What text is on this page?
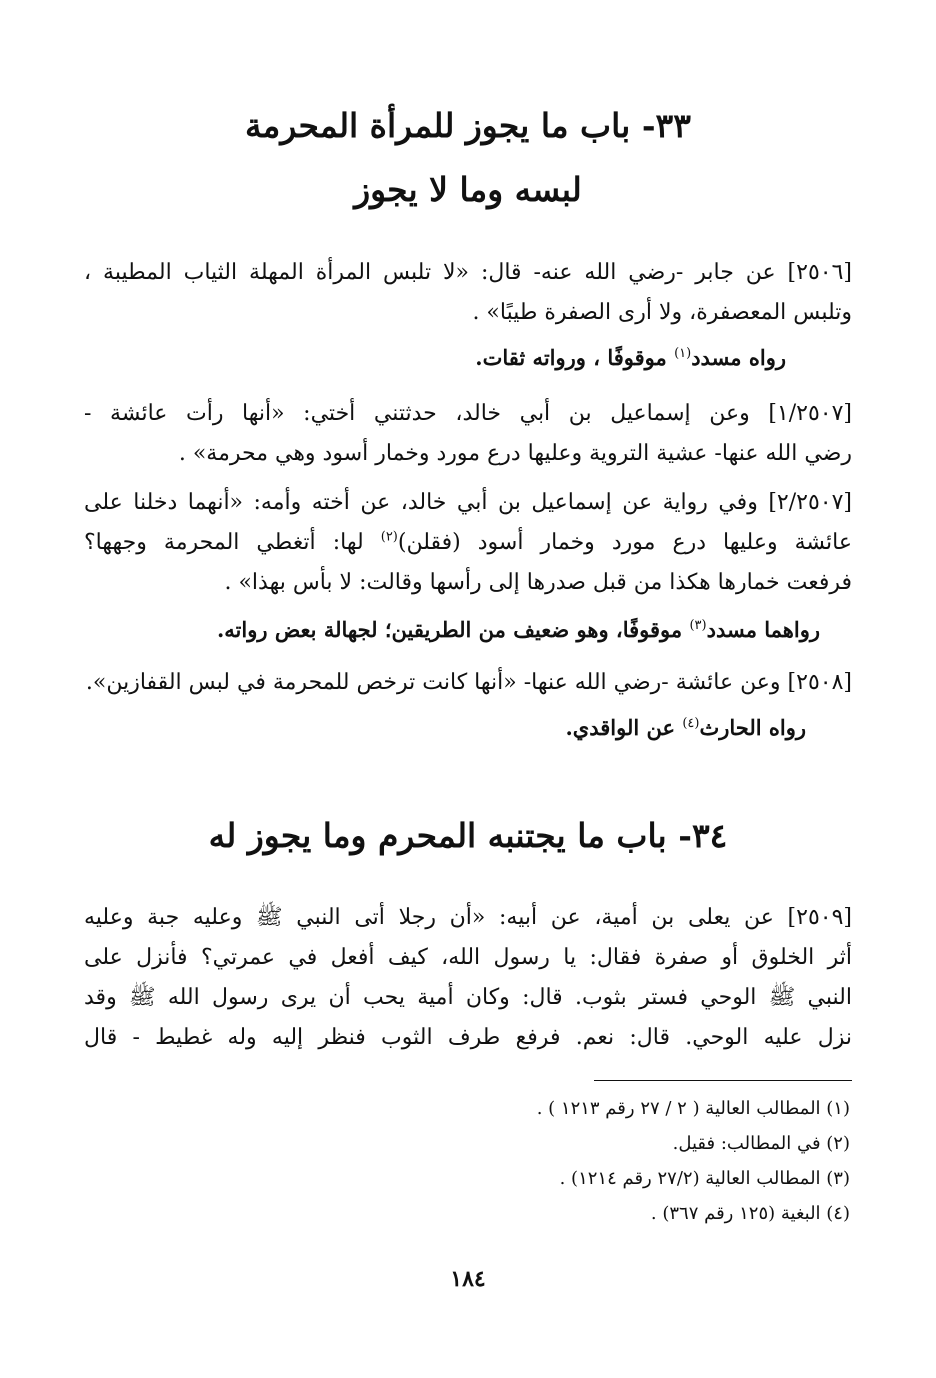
٣٣- باب ما يجوز للمرأة المحرمة
لبسه وما لا يجوز
[٢٥٠٦] عن جابر -رضي الله عنه- قال: «لا تلبس المرأة المهلة الثياب المطيبة ،
وتلبس المعصفرة، ولا أرى الصفرة طيبًا» .
رواه مسدد$^{(١)}$ موقوفًا ، ورواته ثقات.
[١/٢٥٠٧] وعن إسماعيل بن أبي خالد، حدثتني أختي: «أنها رأت عائشة -
رضي الله عنها- عشية التروية وعليها درع مورد وخمار أسود وهي محرمة» .
[٢/٢٥٠٧] وفي رواية عن إسماعيل بن أبي خالد، عن أخته وأمه: «أنهما دخلنا على
عائشة وعليها درع مورد وخمار أسود (فقلن)$^{(٢)}$ لها: أتغطي المحرمة وجهها؟
فرفعت خمارها هكذا من قبل صدرها إلى رأسها وقالت: لا بأس بهذا» .
رواهما مسدد$^{(٣)}$ موقوفًا، وهو ضعيف من الطريقين؛ لجهالة بعض رواته.
[٢٥٠٨] وعن عائشة -رضي الله عنها- «أنها كانت ترخص للمحرمة في لبس القفازين».
رواه الحارث$^{(٤)}$ عن الواقدي.
٣٤- باب ما يجتنبه المحرم وما يجوز له
[٢٥٠٩] عن يعلى بن أمية، عن أبيه: «أن رجلا أتى النبي ﷺ وعليه جبة وعليه
أثر الخلوق أو صفرة فقال: يا رسول الله، كيف أفعل في عمرتي؟ فأنزل على
النبي ﷺ الوحي فستر بثوب. قال: وكان أمية يحب أن يرى رسول الله ﷺ وقد
نزل عليه الوحي. قال: نعم. فرفع طرف الثوب فنظر إليه وله غطيط - قال
(١) المطالب العالية ( ٢ / ٢٧ رقم ١٢١٣ ) .
(٢) في المطالب: فقيل.
(٣) المطالب العالية (٢٧/٢ رقم ١٢١٤) .
(٤) البغية (١٢٥ رقم ٣٦٧) .
١٨٤
